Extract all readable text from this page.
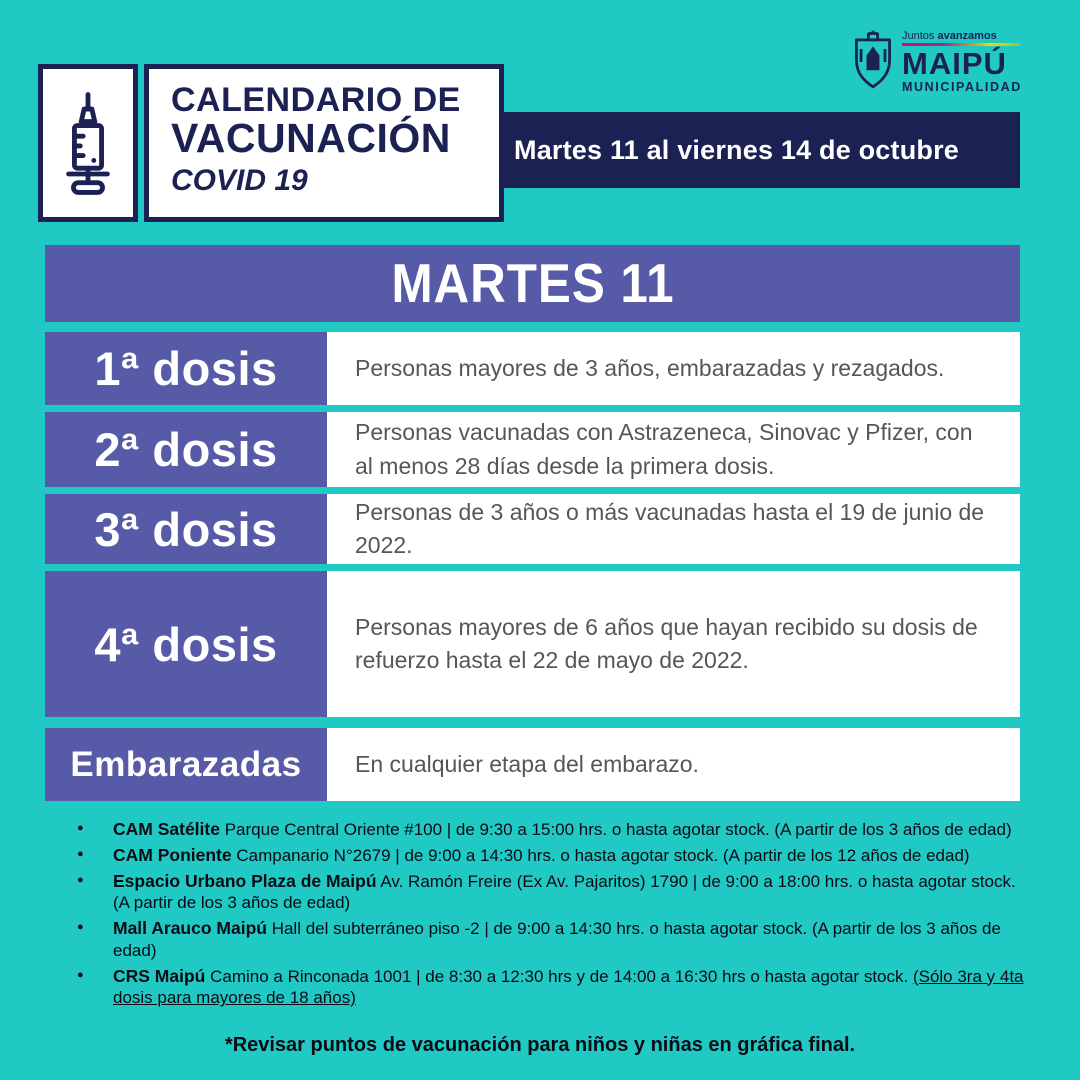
Martes 11 al viernes 14 de octubre
CALENDARIO DE
VACUNACIÓN
COVID 19
Juntos avanzamos
MAIPÚ
MUNICIPALIDAD
MARTES 11
1ª dosis	Personas mayores de 3 años, embarazadas y rezagados.
2ª dosis	Personas vacunadas con Astrazeneca, Sinovac y Pfizer, con al menos 28 días desde la primera dosis.
3ª dosis	Personas de 3 años o más vacunadas hasta el 19 de junio de 2022.
4ª dosis	Personas mayores de 6 años que hayan recibido su dosis de refuerzo hasta el 22 de mayo de 2022.
Embarazadas	En cualquier etapa del embarazo.
● CAM Satélite Parque Central Oriente #100 | de 9:30 a 15:00 hrs. o hasta agotar stock. (A partir de los 3 años de edad)
● CAM Poniente Campanario N°2679 | de 9:00 a 14:30 hrs. o hasta agotar stock. (A partir de los 12 años de edad)
● Espacio Urbano Plaza de Maipú Av. Ramón Freire (Ex Av. Pajaritos) 1790 | de 9:00 a 18:00 hrs. o hasta agotar stock. (A partir de los 3 años de edad)
● Mall Arauco Maipú Hall del subterráneo piso -2 | de 9:00 a 14:30 hrs. o hasta agotar stock. (A partir de los 3 años de edad)
● CRS Maipú Camino a Rinconada 1001 | de 8:30 a 12:30 hrs y de 14:00 a 16:30 hrs o hasta agotar stock. (Sólo 3ra y 4ta dosis para mayores de 18 años)
*Revisar puntos de vacunación para niños y niñas en gráfica final.
